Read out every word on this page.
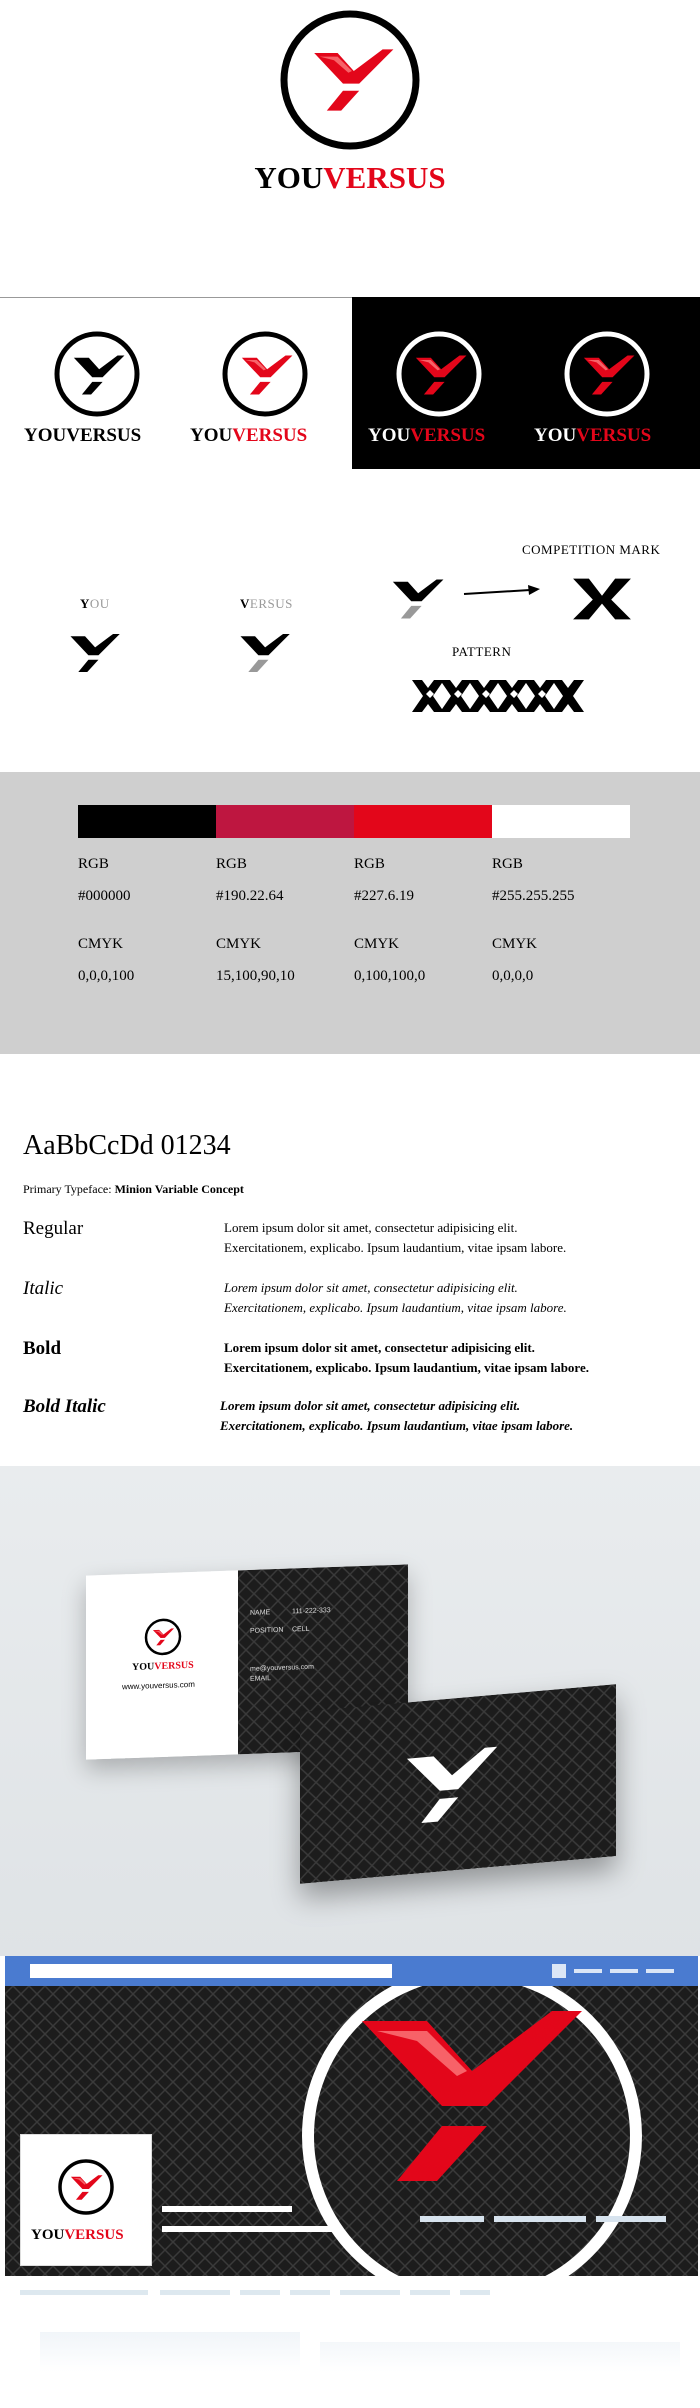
YOUVERSUS
YOUVERSUS	YOUVERSUS	YOUVERSUS	YOUVERSUS
YOU	VERSUS
COMPETITION MARK
PATTERN
RGB
#000000
CMYK
0,0,0,100
RGB
#190.22.64
CMYK
15,100,90,10
RGB
#227.6.19
CMYK
0,100,100,0
RGB
#255.255.255
CMYK
0,0,0,0
AaBbCcDd 01234
Primary Typeface: Minion Variable Concept
Regular	Lorem ipsum dolor sit amet, consectetur adipisicing elit.
Exercitationem, explicabo. Ipsum laudantium, vitae ipsam labore.
Italic	Lorem ipsum dolor sit amet, consectetur adipisicing elit.
Exercitationem, explicabo. Ipsum laudantium, vitae ipsam labore.
Bold	Lorem ipsum dolor sit amet, consectetur adipisicing elit.
Exercitationem, explicabo. Ipsum laudantium, vitae ipsam labore.
Bold Italic	Lorem ipsum dolor sit amet, consectetur adipisicing elit.
Exercitationem, explicabo. Ipsum laudantium, vitae ipsam labore.
YOUVERSUS
www.youversus.com
NAME	111-222-333
POSITION CELL
me@youversus.com
EMAIL
YOUVERSUS
